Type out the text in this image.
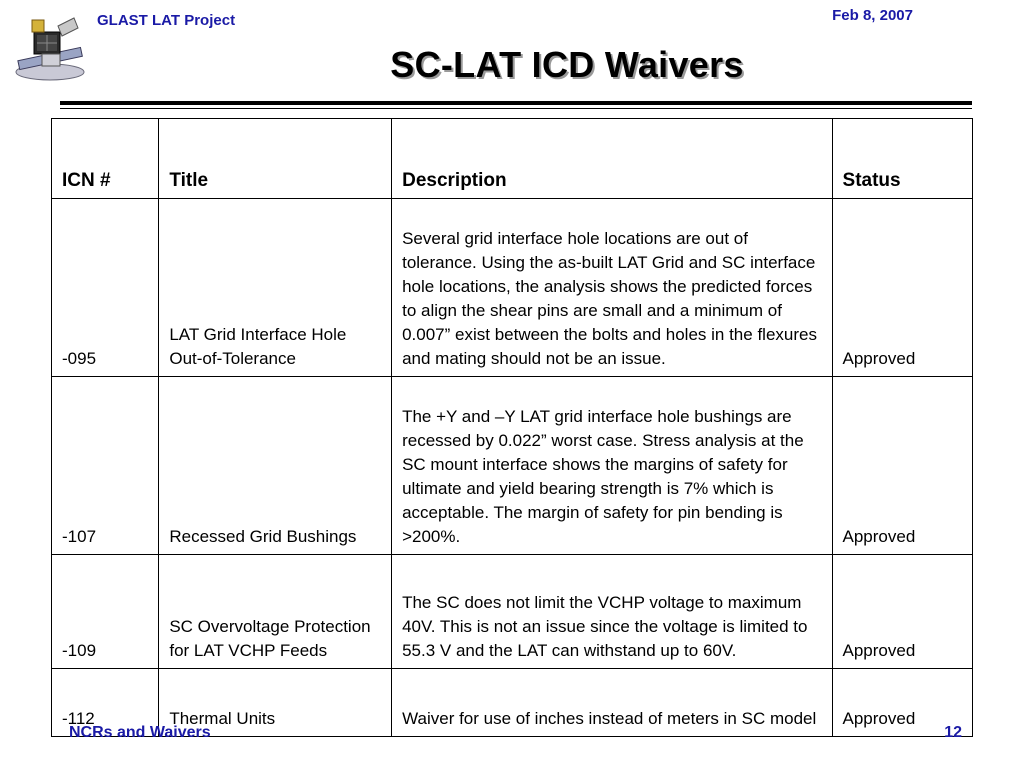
GLAST LAT Project	Feb 8, 2007
SC-LAT ICD Waivers
ICN #	Title	Description	Status
-095	LAT Grid Interface Hole Out-of-Tolerance	Several grid interface hole locations are out of tolerance. Using the as-built LAT Grid and SC interface hole locations, the analysis shows the predicted forces to align the shear pins are small and a minimum of 0.007” exist between the bolts and holes in the flexures and mating should not be an issue.	Approved
-107	Recessed Grid Bushings	The +Y and –Y LAT grid interface hole bushings are recessed by 0.022” worst case. Stress analysis at the SC mount interface shows the margins of safety for ultimate and yield bearing strength is 7% which is acceptable. The margin of safety for pin bending is >200%.	Approved
-109	SC Overvoltage Protection for LAT VCHP Feeds	The SC does not limit the VCHP voltage to maximum 40V. This is not an issue since the voltage is limited to 55.3 V and the LAT can withstand up to 60V.	Approved
-112	Thermal Units	Waiver for use of inches instead of meters in SC model	Approved
NCRs and Waivers	12
